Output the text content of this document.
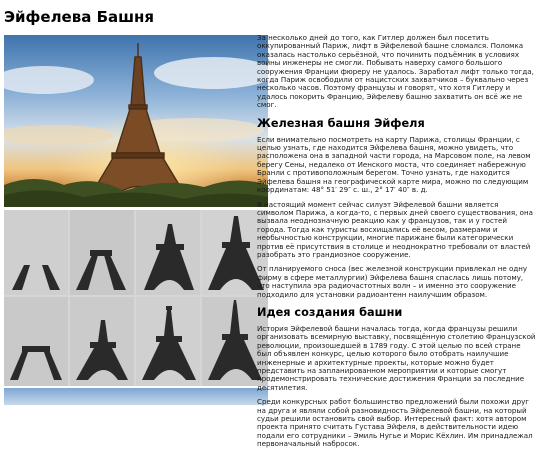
Эйфелева Башня

За несколько дней до того, как Гитлер должен был посетить оккупированный Париж, лифт в Эйфелевой башне сломался. Поломка оказалась настолько серьёзной, что починить подъёмник в условиях войны инженеры не смогли. Побывать наверху самого большого сооружения Франции фюреру не удалось. Заработал лифт только тогда, когда Париж освободили от нацистских захватчиков – буквально через несколько часов. Поэтому французы и говорят, что хотя Гитлеру и удалось покорить Францию, Эйфелеву башню захватить он всё же не смог.

Железная башня Эйфеля

Если внимательно посмотреть на карту Парижа, столицы Франции, с целью узнать, где находится Эйфелева башня, можно увидеть, что расположена она в западной части города, на Марсовом поле, на левом берегу Сены, недалеко от Иенского моста, что соединяет набережную Бранли с противоположным берегом. Точно узнать, где находится Эйфелева башня на географической карте мира, можно по следующим координатам: 48° 51′ 29″ с. ш., 2° 17′ 40″ в. д.

В настоящий момент сейчас силуэт Эйфелевой башни является символом Парижа, а когда-то, с первых дней своего существования, она вызвала неоднозначную реакцию как у французов, так и у гостей города. Тогда как туристы восхищались её весом, размерами и необычностью конструкции, многие парижане были категорически против её присутствия в столице и неоднократно требовали от властей разобрать это грандиозное сооружение.

От планируемого сноса (вес железной конструкции привлекал не одну фирму в сфере металлургии) Эйфелева башня спаслась лишь потому, что наступила эра радиочастотных волн – и именно это сооружение подходило для установки радиоантенн наилучшим образом.

Идея создания башни

История Эйфелевой башни началась тогда, когда французы решили организовать всемирную выставку, посвящённую столетию Французской революции, произошедшей в 1789 году. С этой целью по всей стране был объявлен конкурс, целью которого было отобрать наилучшие инженерные и архитектурные проекты, которые можно будет представить на запланированном мероприятии и которые смогут продемонстрировать технические достижения Франции за последние десятилетия.

Среди конкурсных работ большинство предложений были похожи друг на друга и являли собой разновидность Эйфелевой башни, на который судьи решили остановить свой выбор. Интересный факт: хотя автором проекта принято считать Густава Эйфеля, в действительности идею подали его сотрудники – Эмиль Нугье и Морис Кёхлин. Им принадлежал первоначальный набросок.
